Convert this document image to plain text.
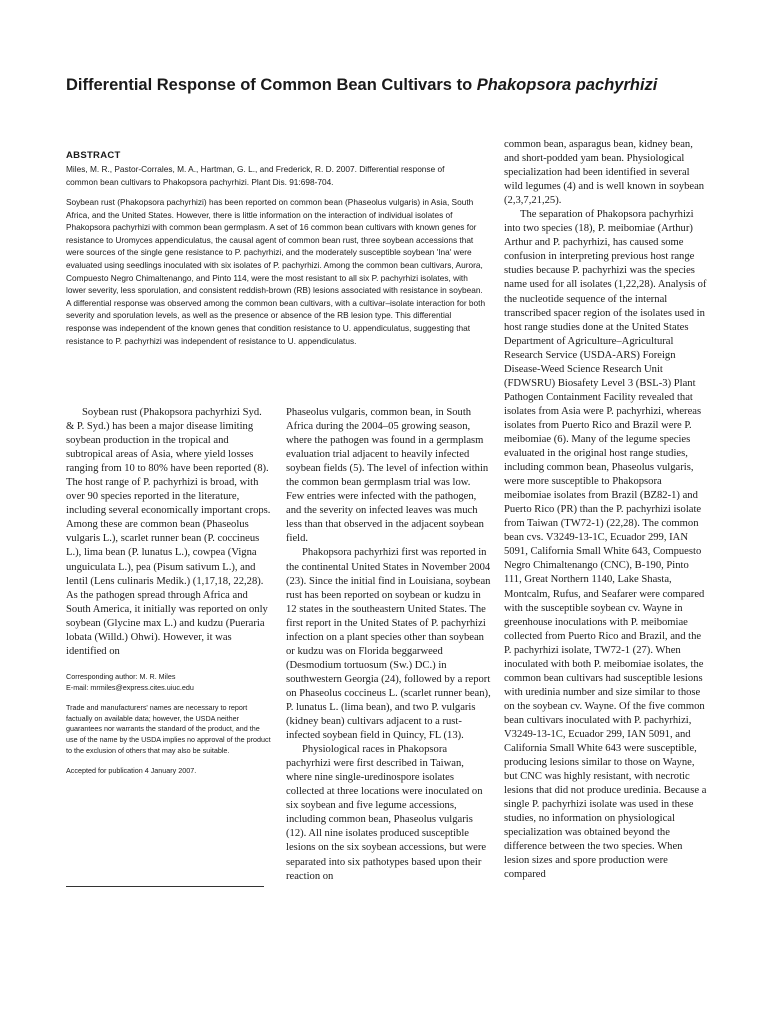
Differential Response of Common Bean Cultivars to Phakopsora pachyrhizi
ABSTRACT
Miles, M. R., Pastor-Corrales, M. A., Hartman, G. L., and Frederick, R. D. 2007. Differential response of common bean cultivars to Phakopsora pachyrhizi. Plant Dis. 91:698-704.
Soybean rust (Phakopsora pachyrhizi) has been reported on common bean (Phaseolus vulgaris) in Asia, South Africa, and the United States. However, there is little information on the interaction of individual isolates of Phakopsora pachyrhizi with common bean germplasm. A set of 16 common bean cultivars with known genes for resistance to Uromyces appendiculatus, the causal agent of common bean rust, three soybean accessions that were sources of the single gene resistance to P. pachyrhizi, and the moderately susceptible soybean 'Ina' were evaluated using seedlings inoculated with six isolates of P. pachyrhizi. Among the common bean cultivars, Aurora, Compuesto Negro Chimaltenango, and Pinto 114, were the most resistant to all six P. pachyrhizi isolates, with lower severity, less sporulation, and consistent reddish-brown (RB) lesions associated with resistance in soybean. A differential response was observed among the common bean cultivars, with a cultivar–isolate interaction for both severity and sporulation levels, as well as the presence or absence of the RB lesion type. This differential response was independent of the known genes that condition resistance to U. appendiculatus, suggesting that resistance to P. pachyrhizi was independent of resistance to U. appendiculatus.

Soybean rust (Phakopsora pachyrhizi Syd. & P. Syd.) has been a major disease limiting soybean production in the tropical and subtropical areas of Asia, where yield losses ranging from 10 to 80% have been reported (8). The host range of P. pachyrhizi is broad, with over 90 species reported in the literature, including several economically important crops. Among these are common bean (Phaseolus vulgaris L.), scarlet runner bean (P. coccineus L.), lima bean (P. lunatus L.), cowpea (Vigna unguiculata L.), pea (Pisum sativum L.), and lentil (Lens culinaris Medik.) (1,17,18, 22,28). As the pathogen spread through Africa and South America, it initially was reported on only soybean (Glycine max L.) and kudzu (Pueraria lobata (Willd.) Ohwi). However, it was identified on

Phaseolus vulgaris, common bean, in South Africa during the 2004–05 growing season, where the pathogen was found in a germplasm evaluation trial adjacent to heavily infected soybean fields (5). The level of infection within the common bean germplasm trial was low. Few entries were infected with the pathogen, and the severity on infected leaves was much less than that observed in the adjacent soybean field.

Phakopsora pachyrhizi first was reported in the continental United States in November 2004 (23). Since the initial find in Louisiana, soybean rust has been reported on soybean or kudzu in 12 states in the southeastern United States. The first report in the United States of P. pachyrhizi infection on a plant species other than soybean or kudzu was on Florida beggarweed (Desmodium tortuosum (Sw.) DC.) in southwestern Georgia (24), followed by a report on Phaseolus coccineus L. (scarlet runner bean), P. lunatus L. (lima bean), and two P. vulgaris (kidney bean) cultivars adjacent to a rust-infected soybean field in Quincy, FL (13).

Physiological races in Phakopsora pachyrhizi were first described in Taiwan, where nine single-uredinospore isolates collected at three locations were inoculated on six soybean and five legume accessions, including common bean, Phaseolus vulgaris (12). All nine isolates produced susceptible lesions on the six soybean accessions, but were separated into six pathotypes based upon their reaction on

common bean, asparagus bean, kidney bean, and short-podded yam bean. Physiological specialization had been identified in several wild legumes (4) and is well known in soybean (2,3,7,21,25).

The separation of Phakopsora pachyrhizi into two species (18), P. meibomiae (Arthur) Arthur and P. pachyrhizi, has caused some confusion in interpreting previous host range studies because P. pachyrhizi was the species name used for all isolates (1,22,28). Analysis of the nucleotide sequence of the internal transcribed spacer region of the isolates used in host range studies done at the United States Department of Agriculture–Agricultural Research Service (USDA-ARS) Foreign Disease-Weed Science Research Unit (FDWSRU) Biosafety Level 3 (BSL-3) Plant Pathogen Containment Facility revealed that isolates from Asia were P. pachyrhizi, whereas isolates from Puerto Rico and Brazil were P. meibomiae (6). Many of the legume species evaluated in the original host range studies, including common bean, Phaseolus vulgaris, were more susceptible to Phakopsora meibomiae isolates from Brazil (BZ82-1) and Puerto Rico (PR) than the P. pachyrhizi isolate from Taiwan (TW72-1) (22,28). The common bean cvs. V3249-13-1C, Ecuador 299, IAN 5091, California Small White 643, Compuesto Negro Chimaltenango (CNC), B-190, Pinto 111, Great Northern 1140, Lake Shasta, Montcalm, Rufus, and Seafarer were compared with the susceptible soybean cv. Wayne in greenhouse inoculations with P. meibomiae collected from Puerto Rico and Brazil, and the P. pachyrhizi isolate, TW72-1 (27). When inoculated with both P. meibomiae isolates, the common bean cultivars had susceptible lesions with uredinia number and size similar to those on the soybean cv. Wayne. Of the five common bean cultivars inoculated with P. pachyrhizi, V3249-13-1C, Ecuador 299, IAN 5091, and California Small White 643 were susceptible, producing lesions similar to those on Wayne, but CNC was highly resistant, with necrotic lesions that did not produce uredinia. Because a single P. pachyrhizi isolate was used in these studies, no information on physiological specialization was obtained beyond the difference between the two species. When lesion sizes and spore production were compared

Corresponding author: M. R. Miles
E-mail: mrmiles@express.cites.uiuc.edu

Trade and manufacturers' names are necessary to report factually on available data; however, the USDA neither guarantees nor warrants the standard of the product, and the use of the name by the USDA implies no approval of the product to the exclusion of others that may also be suitable.

Accepted for publication 4 January 2007.
